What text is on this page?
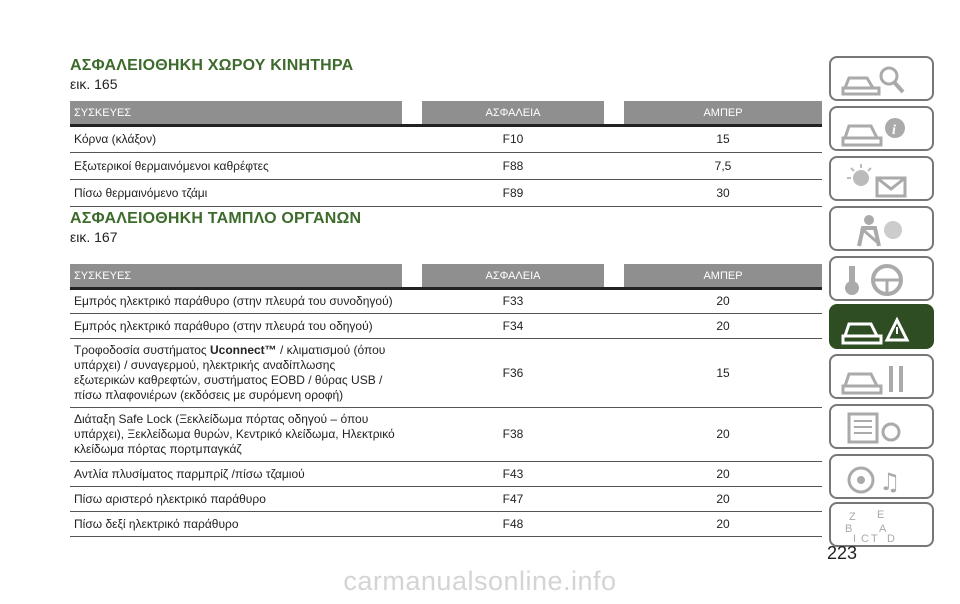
ΑΣΦΑΛΕΙΟΘΗΚΗ ΧΩΡΟΥ ΚΙΝΗΤΗΡΑ
εικ. 165
ΣΥΣΚΕΥΕΣ		ΑΣΦΑΛΕΙΑ		ΑΜΠΕΡ
Κόρνα (κλάξον)		F10		15
Εξωτερικοί θερμαινόμενοι καθρέφτες		F88		7,5
Πίσω θερμαινόμενο τζάμι		F89		30
ΑΣΦΑΛΕΙΟΘΗΚΗ ΤΑΜΠΛΟ ΟΡΓΑΝΩΝ
εικ. 167
ΣΥΣΚΕΥΕΣ		ΑΣΦΑΛΕΙΑ		ΑΜΠΕΡ
Εμπρός ηλεκτρικό παράθυρο (στην πλευρά του συνοδηγού)		F33		20
Εμπρός ηλεκτρικό παράθυρο (στην πλευρά του οδηγού)		F34		20
Τροφοδοσία συστήματος Uconnect™ / κλιματισμού (όπου υπάρχει) / συναγερμού, ηλεκτρικής αναδίπλωσης εξωτερικών καθρεφτών, συστήματος EOBD / θύρας USB / πίσω πλαφονιέρων (εκδόσεις με συρόμενη οροφή)		F36		15
Διάταξη Safe Lock (Ξεκλείδωμα πόρτας οδηγού – όπου υπάρχει), Ξεκλείδωμα θυρών, Κεντρικό κλείδωμα, Ηλεκτρικό κλείδωμα πόρτας πορτμπαγκάζ		F38		20
Αντλία πλυσίματος παρμπρίζ /πίσω τζαμιού		F43		20
Πίσω αριστερό ηλεκτρικό παράθυρο		F47		20
Πίσω δεξί ηλεκτρικό παράθυρο		F48		20
i
♫
Z E
B A
I C T D
223
carmanualsonline.info
